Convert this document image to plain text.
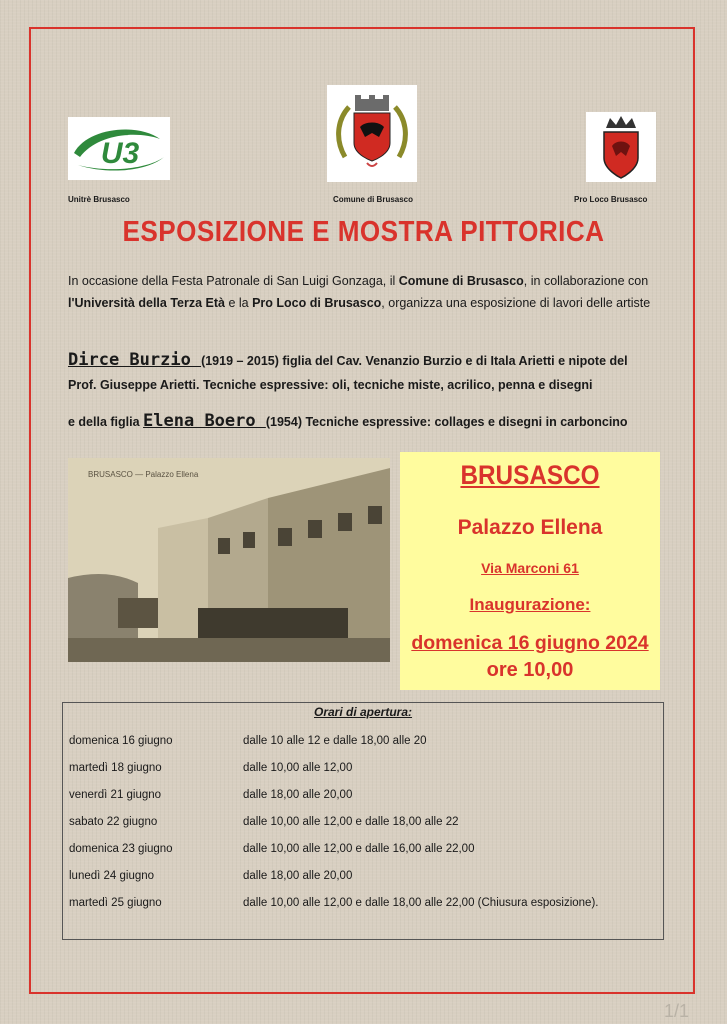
U3
Unitrè Brusasco	Comune di Brusasco	Pro Loco Brusasco
ESPOSIZIONE E MOSTRA PITTORICA
In occasione della Festa Patronale di San Luigi Gonzaga, il Comune di Brusasco, in collaborazione con l'Università della Terza Età e la Pro Loco di Brusasco, organizza una esposizione di lavori delle artiste
Dirce Burzio (1919 – 2015) figlia del Cav. Venanzio Burzio e di Itala Arietti e nipote del Prof. Giuseppe Arietti. Tecniche espressive: oli, tecniche miste, acrilico, penna e disegni
e della figlia Elena Boero (1954) Tecniche espressive: collages e disegni in carboncino
BRUSASCO — Palazzo Ellena	BRUSASCO
Palazzo Ellena
Via Marconi 61
Inaugurazione:
domenica 16 giugno 2024
ore 10,00
Orari di apertura:
domenica 16 giugno	dalle 10 alle 12 e dalle 18,00 alle 20
martedì 18 giugno	dalle 10,00 alle 12,00
venerdì 21 giugno	dalle 18,00 alle 20,00
sabato 22 giugno	dalle 10,00 alle 12,00 e dalle 18,00 alle 22
domenica 23 giugno	dalle 10,00 alle 12,00 e dalle 16,00 alle 22,00
lunedì 24 giugno	dalle 18,00 alle 20,00
martedì 25 giugno	dalle 10,00 alle 12,00 e dalle 18,00 alle 22,00 (Chiusura esposizione).
1/1
